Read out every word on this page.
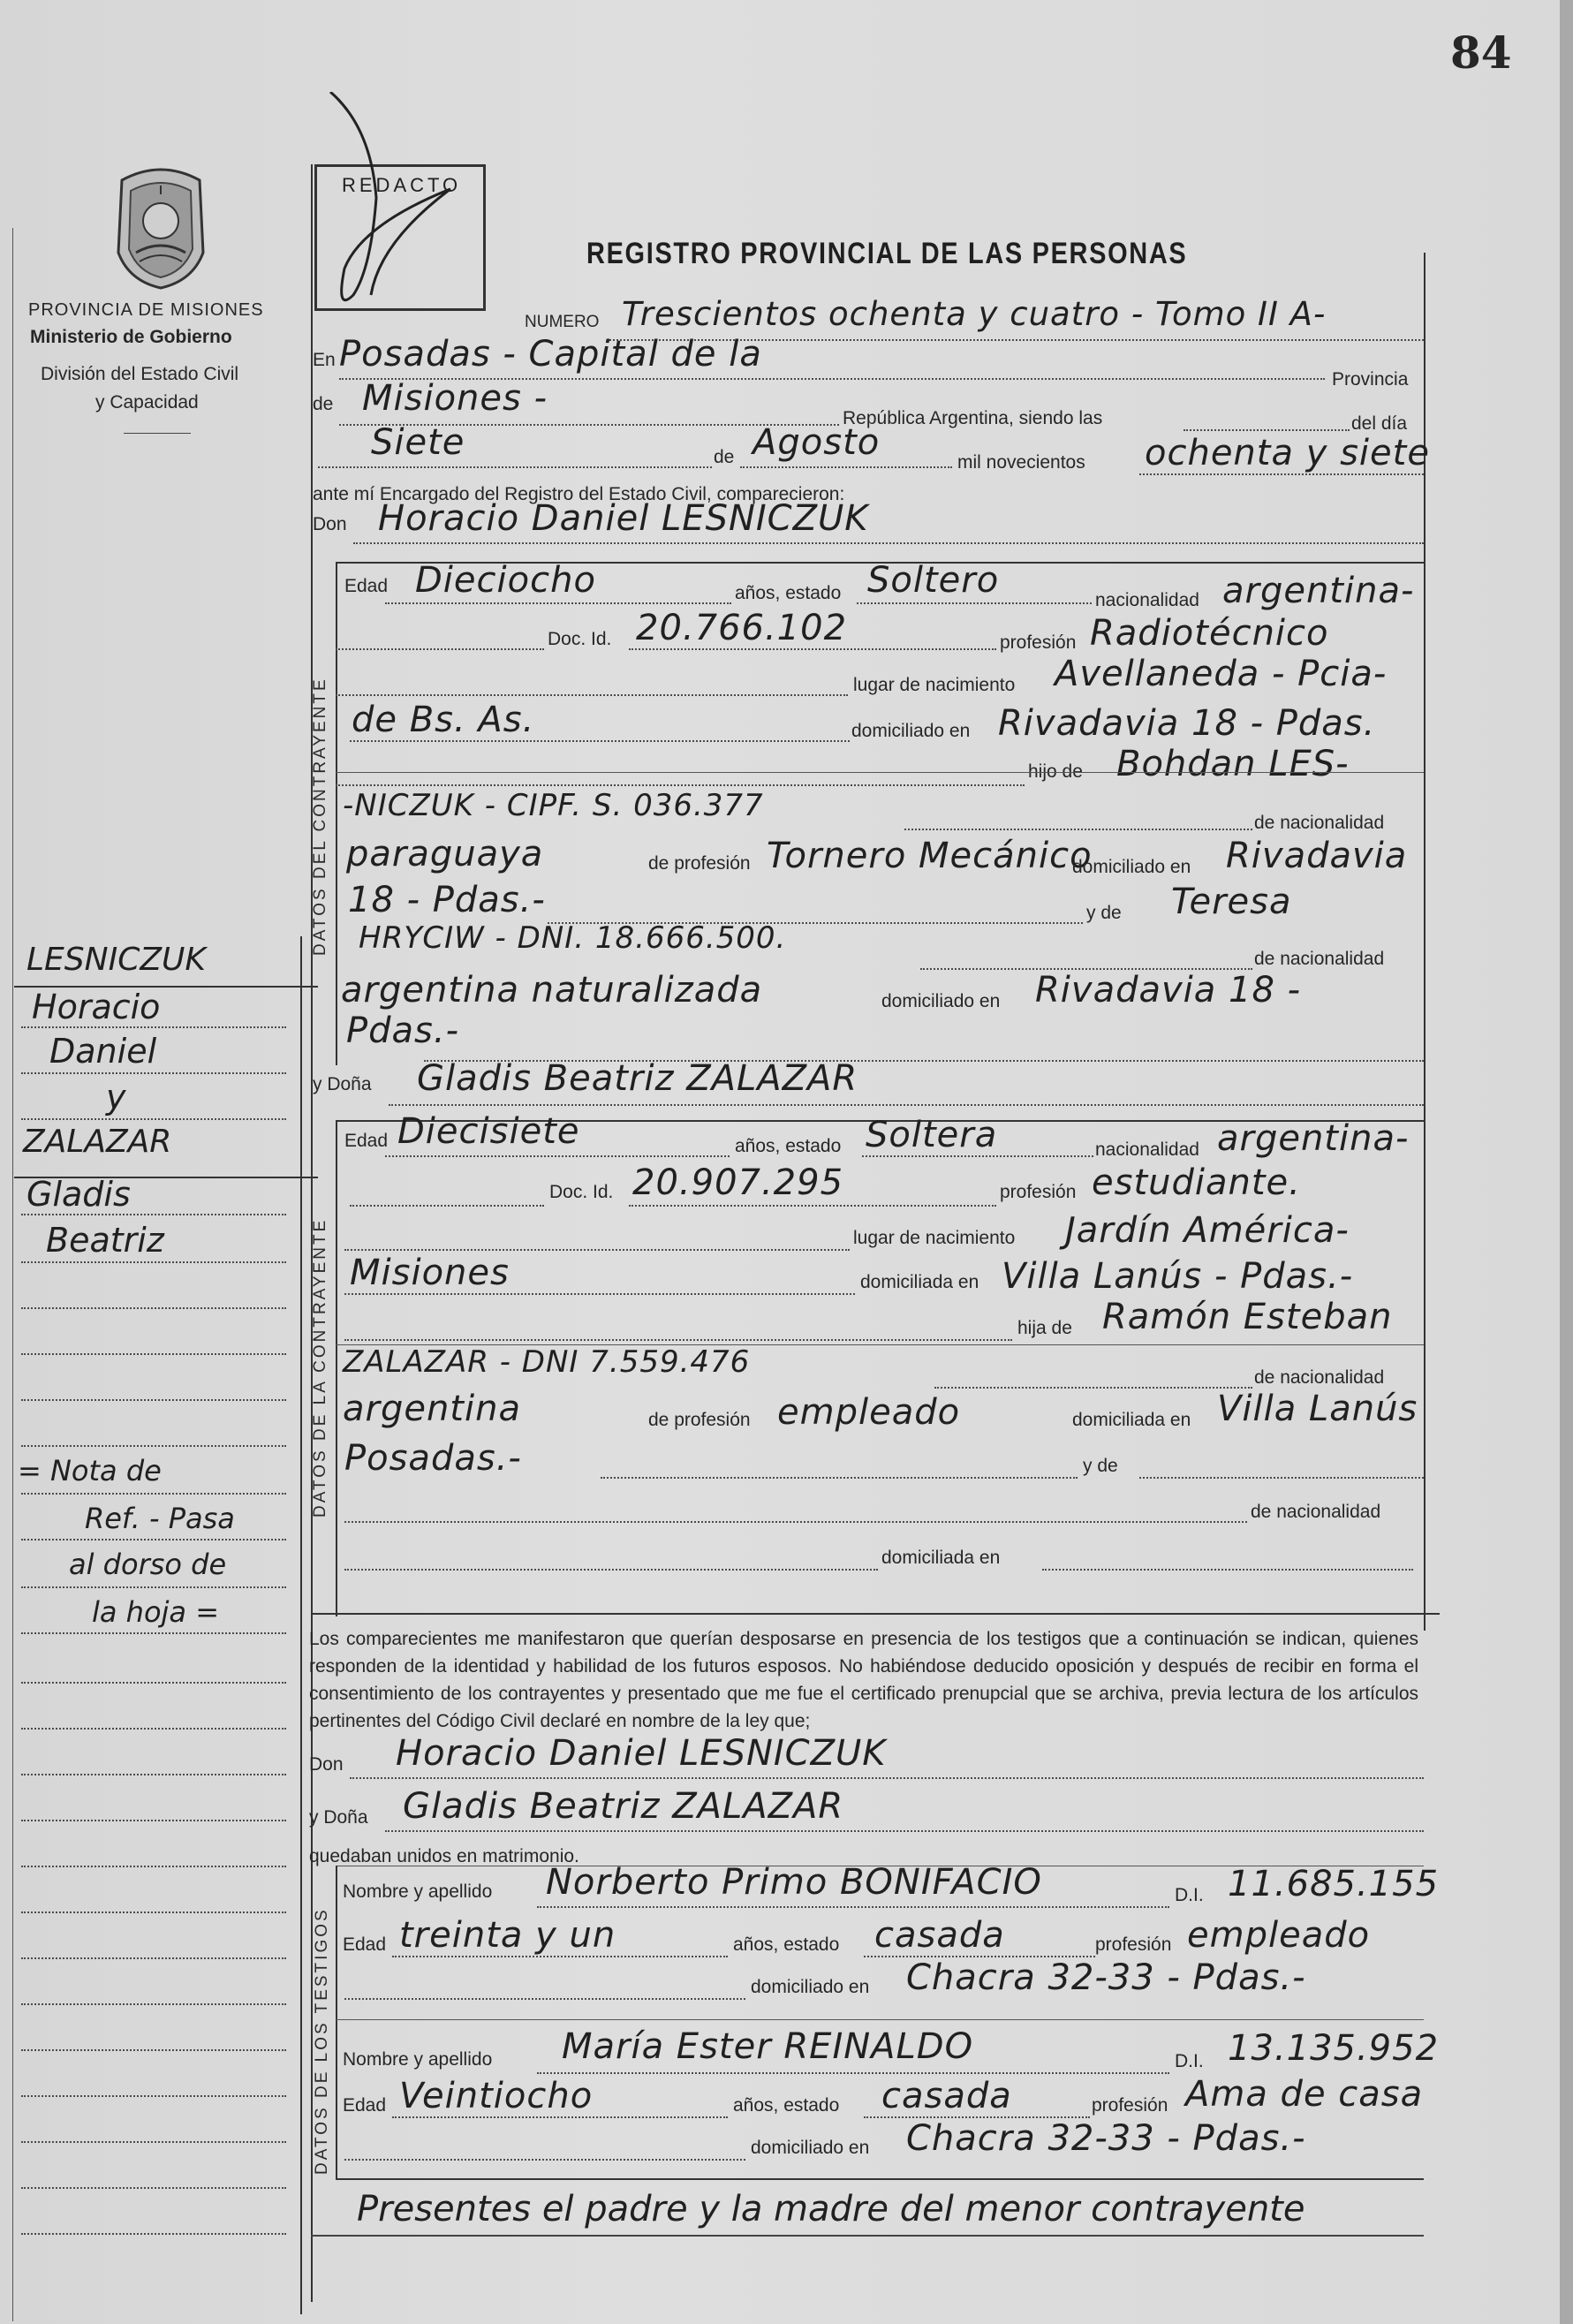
84
PROVINCIA DE MISIONES
Ministerio de Gobierno
División del Estado Civil
y Capacidad
REDACTO
REGISTRO PROVINCIAL DE LAS PERSONAS
NUMERO Trescientos ochenta y cuatro - Tomo II A-
En Posadas - Capital de la
Provincia
de Misiones -	República Argentina, siendo las	del día
Siete	de Agosto	mil novecientos ochenta y siete
ante mí Encargado del Registro del Estado Civil, comparecieron:
Don Horacio Daniel LESNICZUK
DATOS DEL CONTRAYENTE
Edad Dieciocho	años, estado Soltero	nacionalidad argentina-
Doc. Id. 20.766.102	profesión Radiotécnico
lugar de nacimiento Avellaneda - Pcia-
de Bs. As.	domiciliado en Rivadavia 18 - Pdas.
hijo de Bohdan LES-
-NICZUK - CIPF. S. 036.377	de nacionalidad
paraguaya	de profesión Tornero Mecánico
domiciliado en Rivadavia
18 - Pdas.-	y de Teresa
HRYCIW - DNI. 18.666.500.
de nacionalidad
argentina naturalizada	domiciliado en Rivadavia 18 -
Pdas.-
LESNICZUK
Horacio
Daniel
y
ZALAZAR
Gladis
Beatriz
= Nota de
Ref. - Pasa
al dorso de
la hoja =
y Doña Gladis Beatriz ZALAZAR
DATOS DE LA CONTRAYENTE
Edad Diecisiete	años, estado Soltera	nacionalidad argentina-
Doc. Id. 20.907.295	profesión estudiante.
lugar de nacimiento Jardín América-
Misiones	domiciliada en Villa Lanús - Pdas.-
hija de Ramón Esteban
ZALAZAR - DNI 7.559.476	de nacionalidad
argentina	de profesión empleado	domiciliada en Villa Lanús
Posadas.-	y de
de nacionalidad
domiciliada en
Los comparecientes me manifestaron que querían desposarse en presencia de los testigos que a continuación se indican, quienes responden de la identidad y habilidad de los futuros esposos. No habiéndose deducido oposición y después de recibir en forma el consentimiento de los contrayentes y presentado que me fue el certificado prenupcial que se archiva, previa lectura de los artículos pertinentes del Código Civil declaré en nombre de la ley que;
Don Horacio Daniel LESNICZUK
y Doña Gladis Beatriz ZALAZAR
quedaban unidos en matrimonio.
DATOS DE LOS TESTIGOS
Nombre y apellido Norberto Primo BONIFACIO	D.I. 11.685.155
Edad treinta y un	años, estado casada	profesión empleado
domiciliado en Chacra 32-33 - Pdas.-
Nombre y apellido María Ester REINALDO	D.I. 13.135.952
Edad Veintiocho	años, estado casada	profesión Ama de casa
domiciliado en Chacra 32-33 - Pdas.-
Presentes el padre y la madre del menor contrayente
